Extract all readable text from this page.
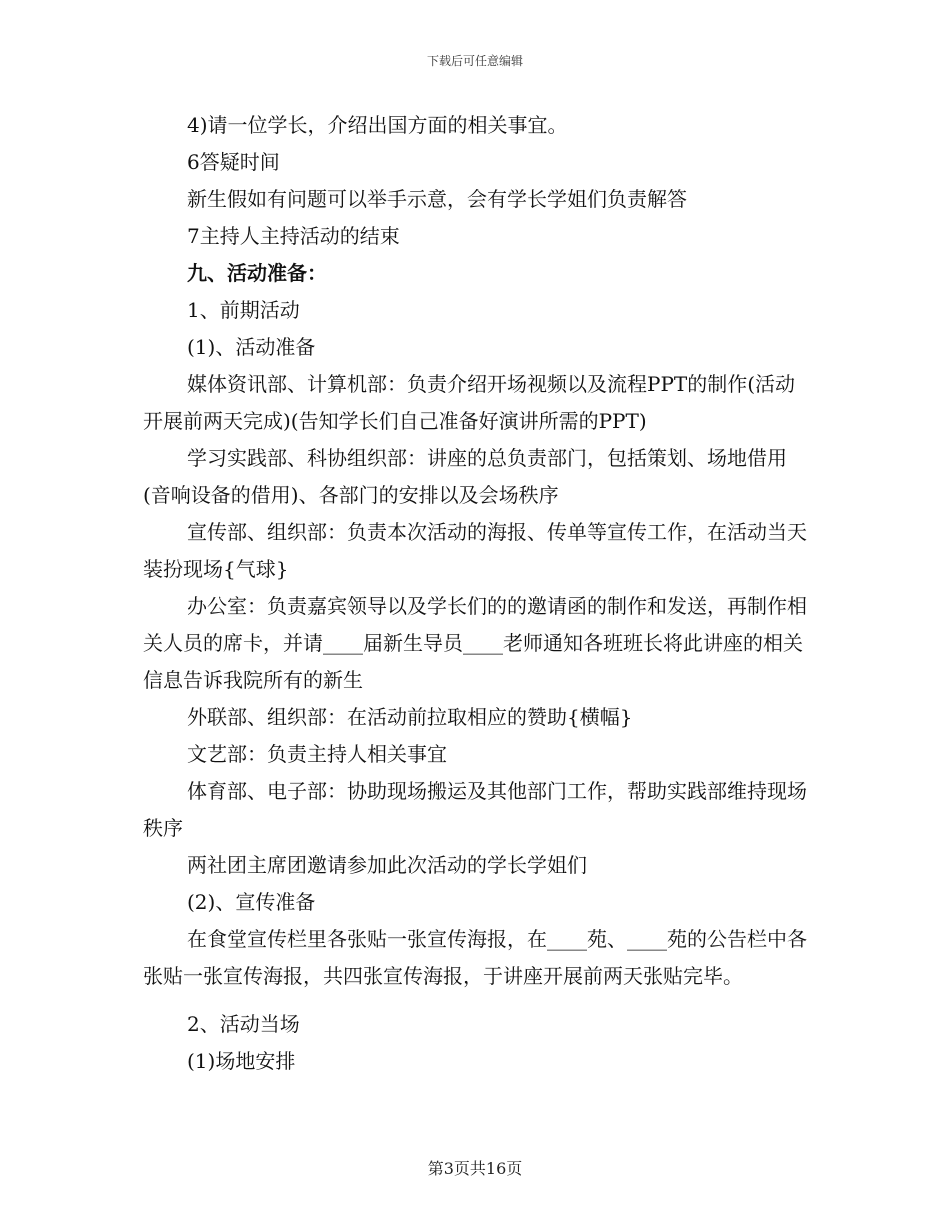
下载后可任意编辑

4)请一位学长，介绍出国方面的相关事宜。

6答疑时间

新生假如有问题可以举手示意，会有学长学姐们负责解答

7主持人主持活动的结束

九、活动准备：

1、前期活动

(1)、活动准备

媒体资讯部、计算机部：负责介绍开场视频以及流程PPT的制作(活动开展前两天完成)(告知学长们自己准备好演讲所需的PPT)

学习实践部、科协组织部：讲座的总负责部门，包括策划、场地借用(音响设备的借用)、各部门的安排以及会场秩序

宣传部、组织部：负责本次活动的海报、传单等宣传工作，在活动当天装扮现场{气球}

办公室：负责嘉宾领导以及学长们的的邀请函的制作和发送，再制作相关人员的席卡，并请____届新生导员____老师通知各班班长将此讲座的相关信息告诉我院所有的新生

外联部、组织部：在活动前拉取相应的赞助{横幅}

文艺部：负责主持人相关事宜

体育部、电子部：协助现场搬运及其他部门工作，帮助实践部维持现场秩序

两社团主席团邀请参加此次活动的学长学姐们

(2)、宣传准备

在食堂宣传栏里各张贴一张宣传海报，在____苑、____苑的公告栏中各张贴一张宣传海报，共四张宣传海报，于讲座开展前两天张贴完毕。

2、活动当场

(1)场地安排

第3页共16页
